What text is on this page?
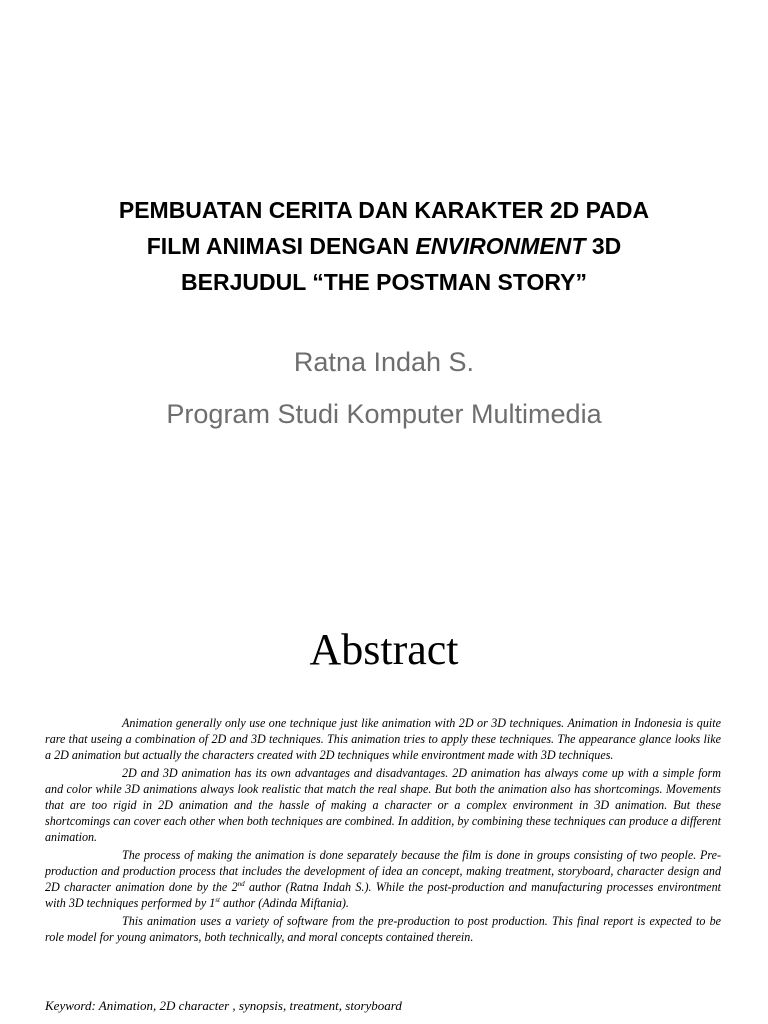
PEMBUATAN CERITA DAN KARAKTER 2D PADA
FILM ANIMASI DENGAN ENVIRONMENT 3D
BERJUDUL “THE POSTMAN STORY”
Ratna Indah S.
Program Studi Komputer Multimedia
Abstract

Animation generally only use one technique just like animation with 2D or 3D techniques. Animation in Indonesia is quite rare that useing a combination of 2D and 3D techniques. This animation tries to apply these techniques. The appearance glance looks like a 2D animation but actually the characters created with 2D techniques while environtment made with 3D techniques.

2D and 3D animation has its own advantages and disadvantages. 2D animation has always come up with a simple form and color while 3D animations always look realistic that match the real shape. But both the animation also has shortcomings. Movements that are too rigid in 2D animation and the hassle of making a character or a complex environment in 3D animation. But these shortcomings can cover each other when both techniques are combined. In addition, by combining these techniques can produce a different animation.

The process of making the animation is done separately because the film is done in groups consisting of two people. Pre-production and production process that includes the development of idea an concept, making treatment, storyboard, character design and 2D character animation done by the 2nd author (Ratna Indah S.). While the post-production and manufacturing processes environtment with 3D techniques performed by 1st author (Adinda Miftania).

This animation uses a variety of software from the pre-production to post production. This final report is expected to be role model for young animators, both technically, and moral concepts contained therein.

Keyword: Animation, 2D character , synopsis, treatment, storyboard
